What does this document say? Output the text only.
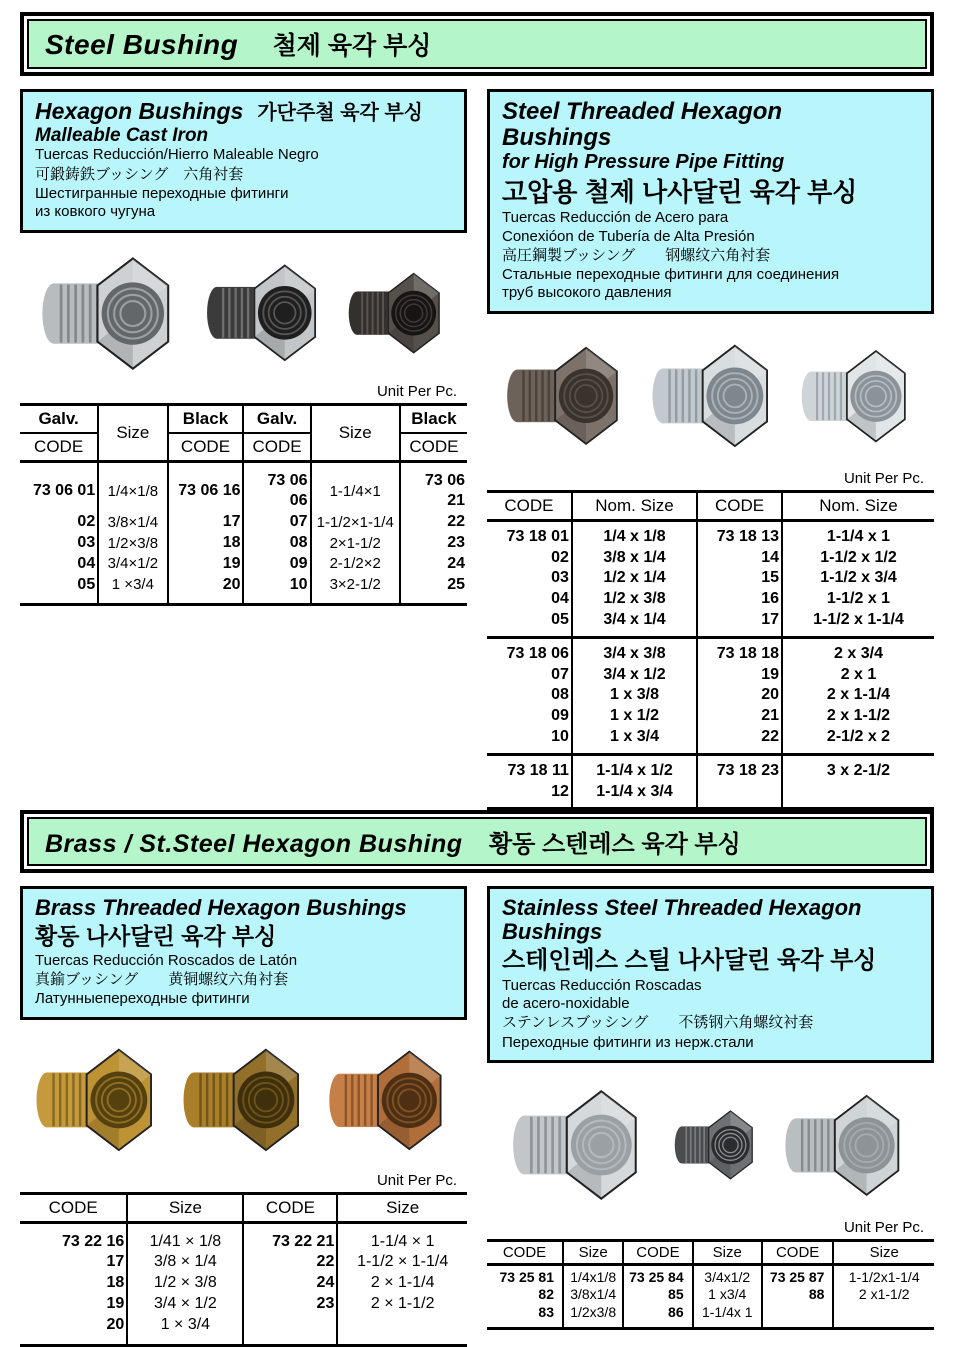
Steel Bushing 철제 육각 부싱
Hexagon Bushings 가단주철 육각 부싱
Malleable Cast Iron
Tuercas Reducción/Hierro Maleable Negro
可鍛鋳鉄ブッシング　六角衬套
Шестигранные переходные фитинги
из ковкого чугуна
Unit Per Pc.
Galv.	Size	Black	Galv.	Size	Black
CODE		CODE	CODE		CODE
73 06 01	1/4×1/8	73 06 16	73 06 06	1-1/4×1	73 06 21
02	3/8×1/4	17	07	1-1/2×1-1/4	22
03	1/2×3/8	18	08	2×1-1/2	23
04	3/4×1/2	19	09	2-1/2×2	24
05	1 ×3/4	20	10	3×2-1/2	25
Steel Threaded Hexagon
Bushings
for High Pressure Pipe Fitting
고압용 철제 나사달린 육각 부싱
Tuercas Reducción de Acero para
Conexióon de Tubería de Alta Presión
高圧鋼製ブッシング　　钢螺纹六角衬套
Стальные переходные фитинги для соединения
труб высокого давления
Unit Per Pc.
CODE	Nom. Size	CODE	Nom. Size
73 18 01	1/4 x 1/8	73 18 13	1-1/4 x 1
02	3/8 x 1/4	14	1-1/2 x 1/2
03	1/2 x 1/4	15	1-1/2 x 3/4
04	1/2 x 3/8	16	1-1/2 x 1
05	3/4 x 1/4	17	1-1/2 x 1-1/4
73 18 06	3/4 x 3/8	73 18 18	2 x 3/4
07	3/4 x 1/2	19	2 x 1
08	1 x 3/8	20	2 x 1-1/4
09	1 x 1/2	21	2 x 1-1/2
10	1 x 3/4	22	2-1/2 x 2
73 18 11	1-1/4 x 1/2	73 18 23	3 x 2-1/2
12	1-1/4 x 3/4		
Brass / St.Steel Hexagon Bushing 황동 스텐레스 육각 부싱
Brass Threaded Hexagon Bushings
황동 나사달린 육각 부싱
Tuercas Reducción Roscados de Latón
真鍮ブッシング　　黄铜螺纹六角衬套
Латунныепереходные фитинги
Unit Per Pc.
CODE	Size	CODE	Size
73 22 16	1/41 × 1/8	73 22 21	1-1/4 × 1
17	3/8 × 1/4	22	1-1/2 × 1-1/4
18	1/2 × 3/8	24	2 × 1-1/4
19	3/4 × 1/2	23	2 × 1-1/2
20	1 × 3/4		
Stainless Steel Threaded Hexagon
Bushings
스테인레스 스틸 나사달린 육각 부싱
Tuercas Reducción Roscadas
de acero-noxidable
ステンレスブッシング　　不锈钢六角螺纹衬套
Переходные фитинги из нерж.стали
Unit Per Pc.
CODE	Size	CODE	Size	CODE	Size
73 25 81	1/4x1/8	73 25 84	3/4x1/2	73 25 87	1-1/2x1-1/4
82	3/8x1/4	85	1 x3/4	88	2 x1-1/2
83	1/2x3/8	86	1-1/4x 1		
